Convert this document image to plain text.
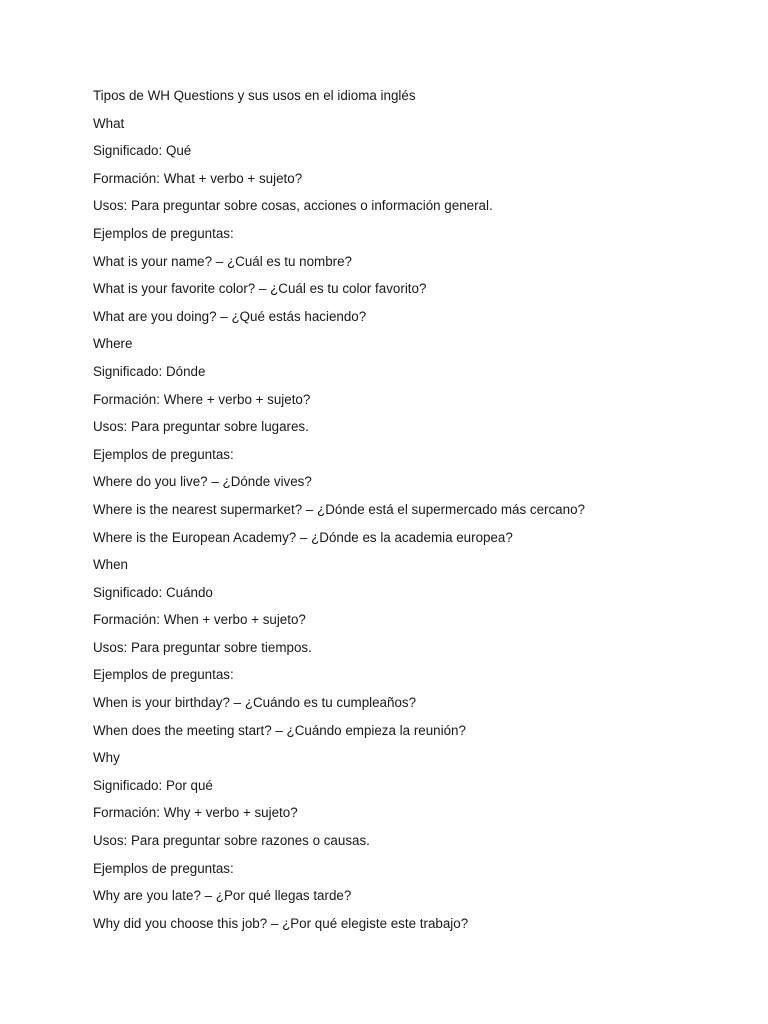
Tipos de WH Questions y sus usos en el idioma inglés
What
Significado: Qué
Formación: What + verbo + sujeto?
Usos: Para preguntar sobre cosas, acciones o información general.
Ejemplos de preguntas:
What is your name? – ¿Cuál es tu nombre?
What is your favorite color? – ¿Cuál es tu color favorito?
What are you doing? – ¿Qué estás haciendo?
Where
Significado: Dónde
Formación: Where + verbo + sujeto?
Usos: Para preguntar sobre lugares.
Ejemplos de preguntas:
Where do you live? – ¿Dónde vives?
Where is the nearest supermarket? – ¿Dónde está el supermercado más cercano?
Where is the European Academy? – ¿Dónde es la academia europea?
When
Significado: Cuándo
Formación: When + verbo + sujeto?
Usos: Para preguntar sobre tiempos.
Ejemplos de preguntas:
When is your birthday? – ¿Cuándo es tu cumpleaños?
When does the meeting start? – ¿Cuándo empieza la reunión?
Why
Significado: Por qué
Formación: Why + verbo + sujeto?
Usos: Para preguntar sobre razones o causas.
Ejemplos de preguntas:
Why are you late? – ¿Por qué llegas tarde?
Why did you choose this job? – ¿Por qué elegiste este trabajo?
